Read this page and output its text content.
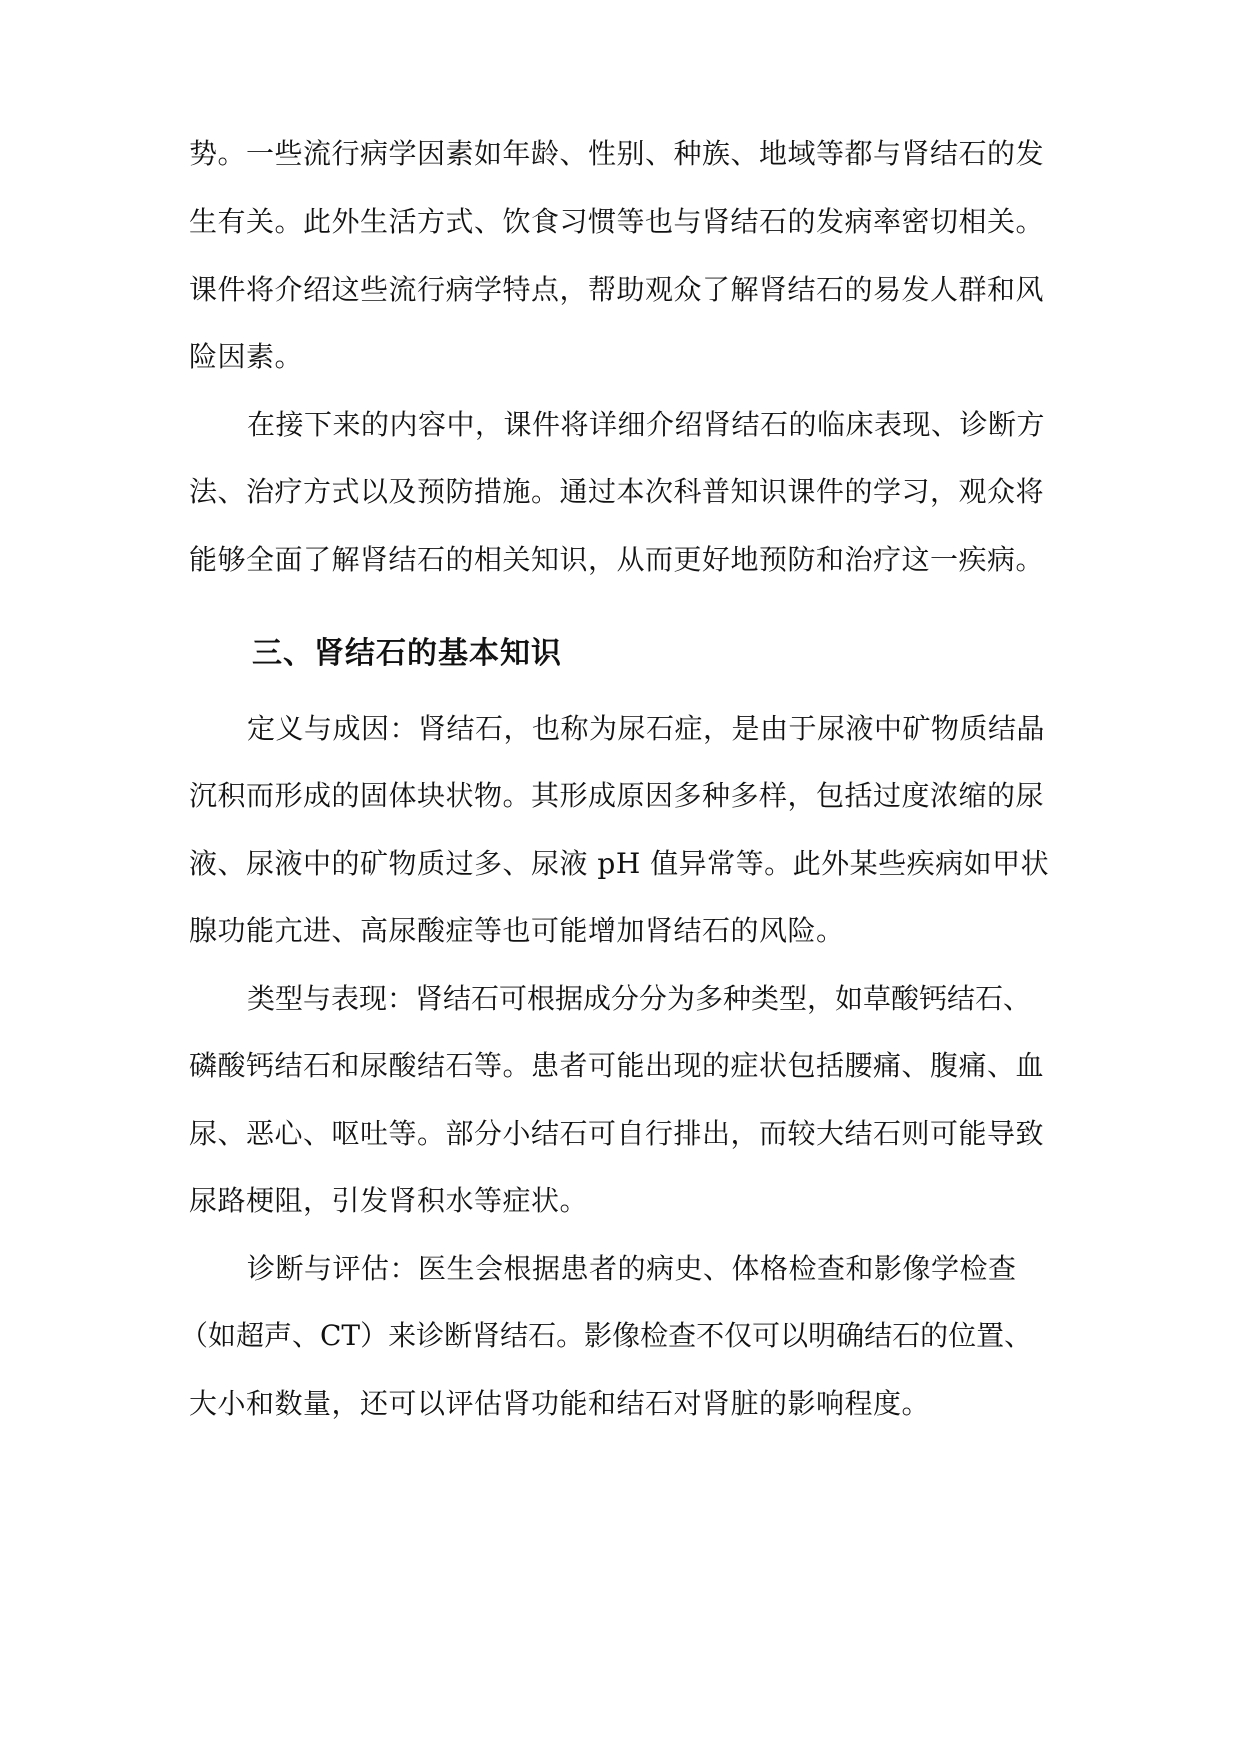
势。一些流行病学因素如年龄、性别、种族、地域等都与肾结石的发

生有关。此外生活方式、饮食习惯等也与肾结石的发病率密切相关。

课件将介绍这些流行病学特点，帮助观众了解肾结石的易发人群和风

险因素。

在接下来的内容中，课件将详细介绍肾结石的临床表现、诊断方

法、治疗方式以及预防措施。通过本次科普知识课件的学习，观众将

能够全面了解肾结石的相关知识，从而更好地预防和治疗这一疾病。

三、肾结石的基本知识

定义与成因：肾结石，也称为尿石症，是由于尿液中矿物质结晶

沉积而形成的固体块状物。其形成原因多种多样，包括过度浓缩的尿

液、尿液中的矿物质过多、尿液 pH 值异常等。此外某些疾病如甲状

腺功能亢进、高尿酸症等也可能增加肾结石的风险。

类型与表现：肾结石可根据成分分为多种类型，如草酸钙结石、

磷酸钙结石和尿酸结石等。患者可能出现的症状包括腰痛、腹痛、血

尿、恶心、呕吐等。部分小结石可自行排出，而较大结石则可能导致

尿路梗阻，引发肾积水等症状。

诊断与评估：医生会根据患者的病史、体格检查和影像学检查

（如超声、CT）来诊断肾结石。影像检查不仅可以明确结石的位置、

大小和数量，还可以评估肾功能和结石对肾脏的影响程度。
